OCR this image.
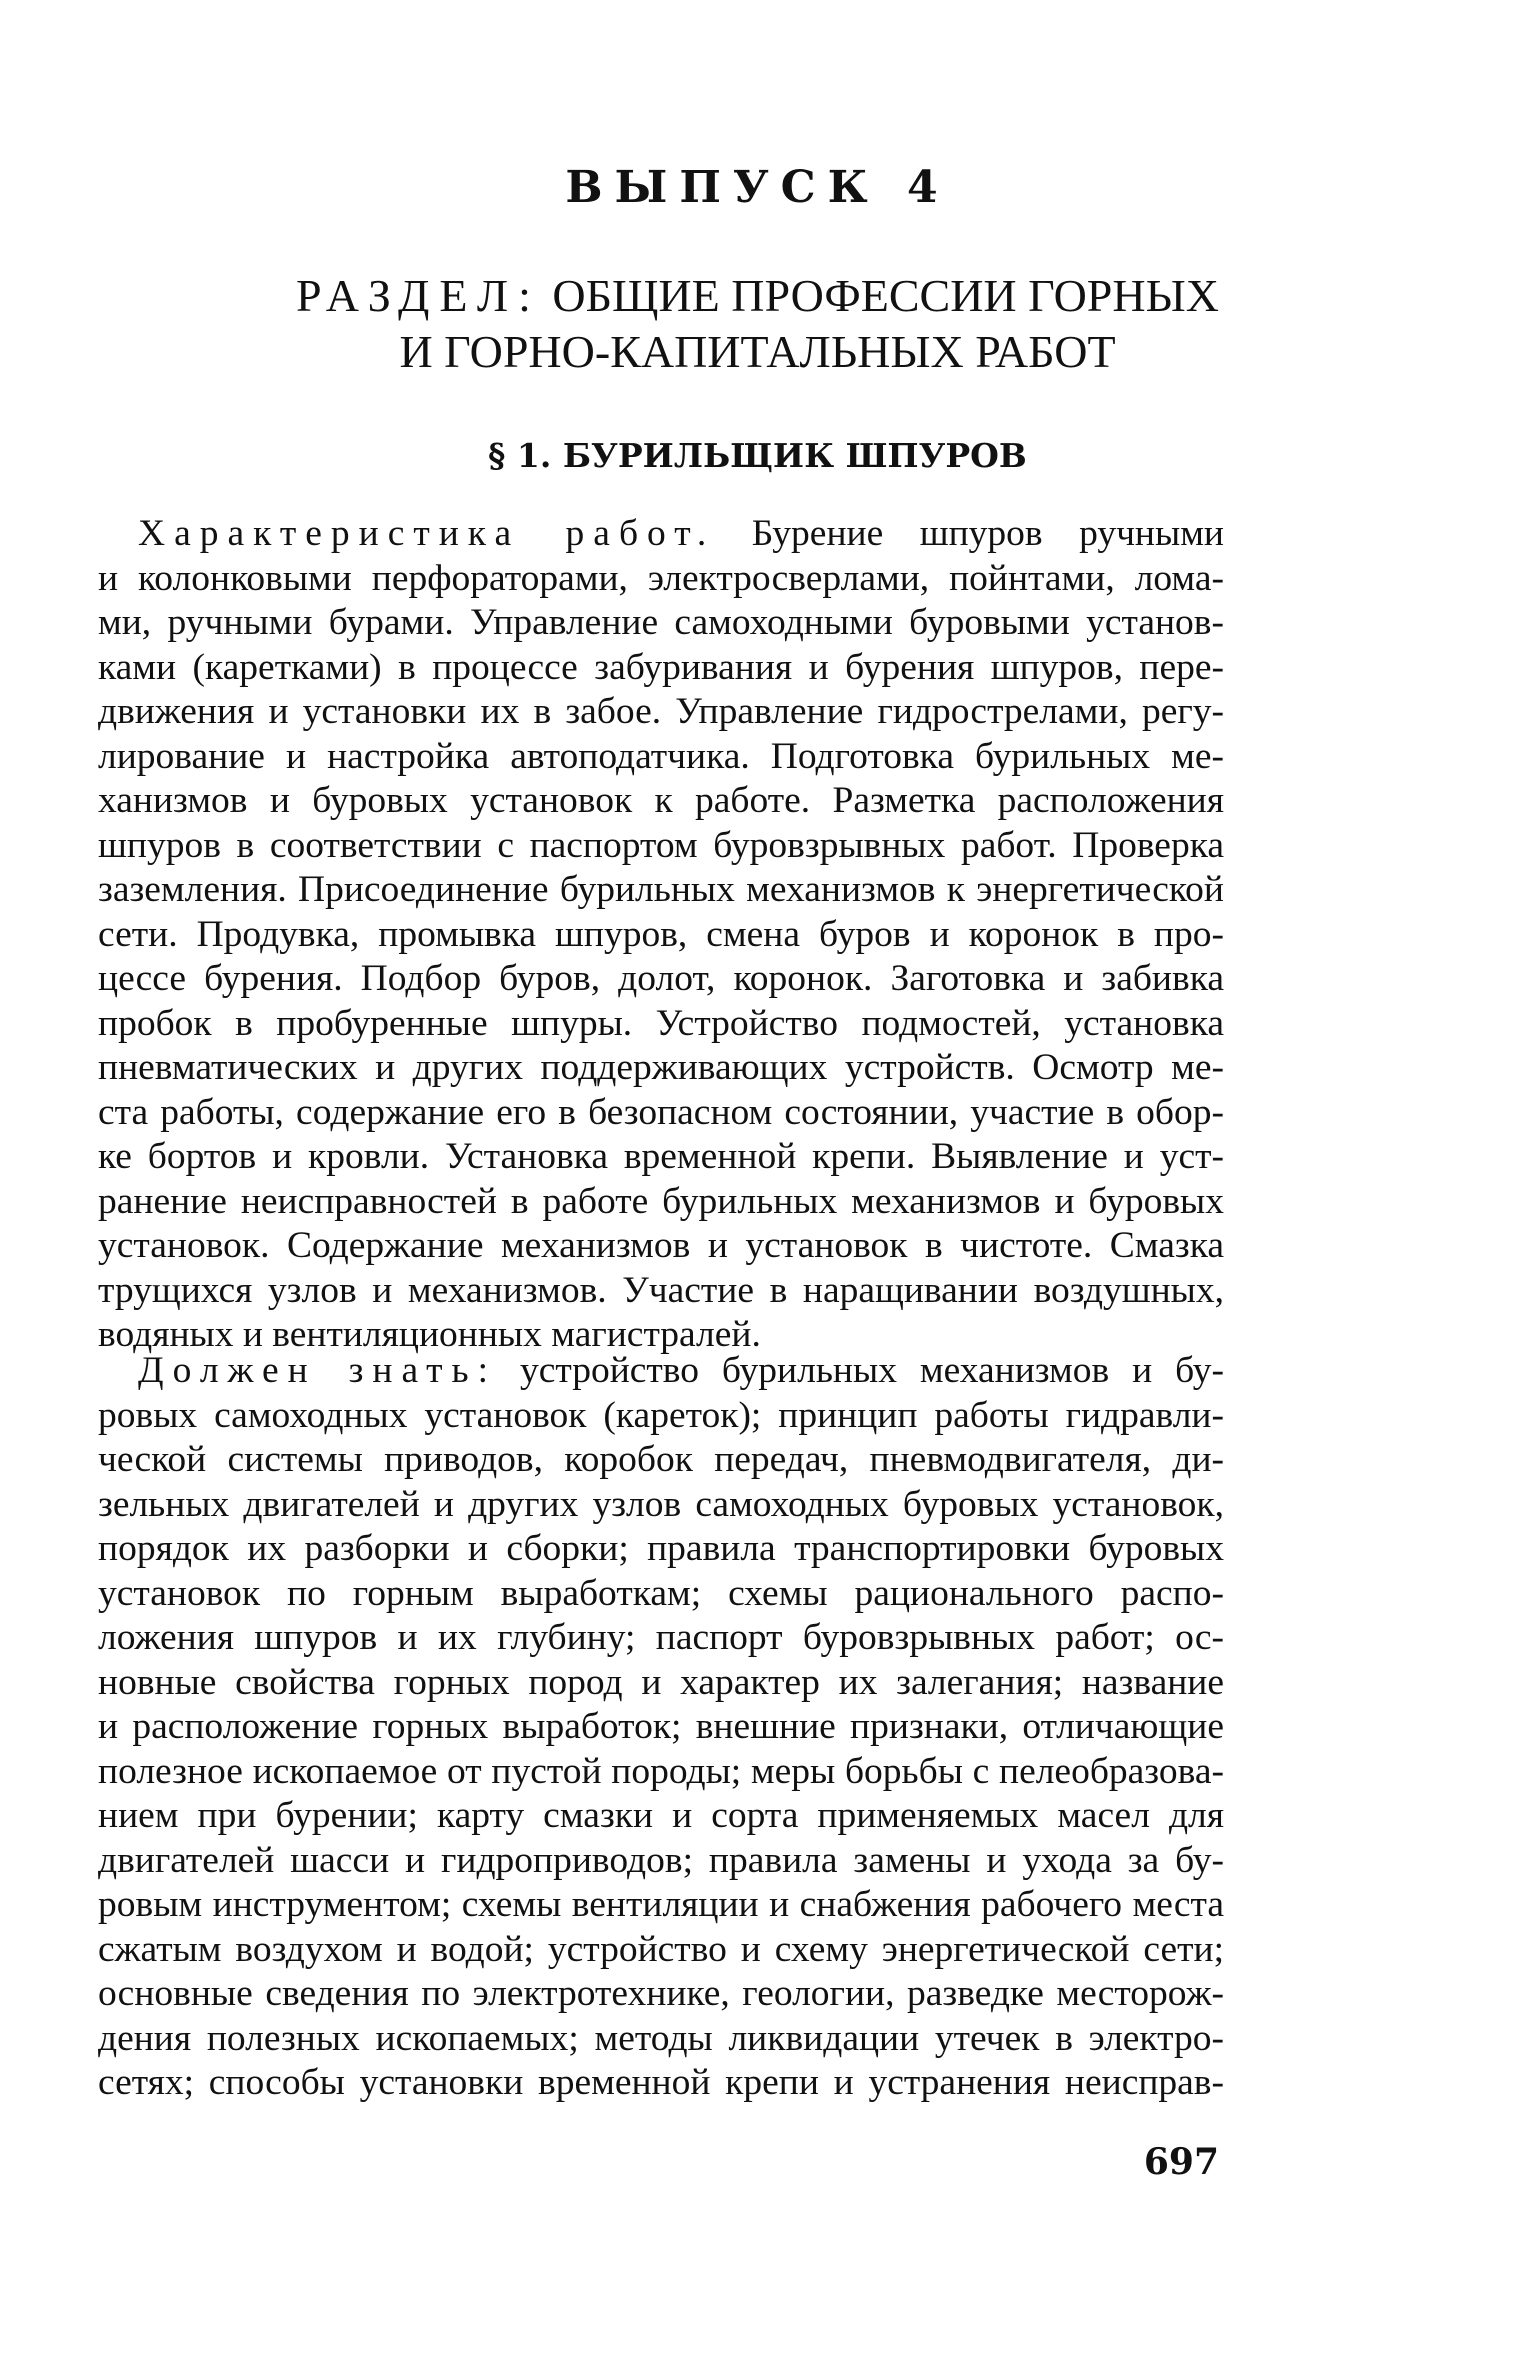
ВЫПУСК 4
РАЗДЕЛ: ОБЩИЕ ПРОФЕССИИ ГОРНЫХ
И ГОРНО-КАПИТАЛЬНЫХ РАБОТ
§ 1. БУРИЛЬЩИК ШПУРОВ
Характеристика работ. Бурение шпуров ручными
и колонковыми перфораторами, электросверлами, пойнтами, лома-
ми, ручными бурами. Управление самоходными буровыми установ-
ками (каретками) в процессе забуривания и бурения шпуров, пере-
движения и установки их в забое. Управление гидрострелами, регу-
лирование и настройка автоподатчика. Подготовка бурильных ме-
ханизмов и буровых установок к работе. Разметка расположения
шпуров в соответствии с паспортом буровзрывных работ. Проверка
заземления. Присоединение бурильных механизмов к энергетической
сети. Продувка, промывка шпуров, смена буров и коронок в про-
цессе бурения. Подбор буров, долот, коронок. Заготовка и забивка
пробок в пробуренные шпуры. Устройство подмостей, установка
пневматических и других поддерживающих устройств. Осмотр ме-
ста работы, содержание его в безопасном состоянии, участие в обор-
ке бортов и кровли. Установка временной крепи. Выявление и уст-
ранение неисправностей в работе бурильных механизмов и буровых
установок. Содержание механизмов и установок в чистоте. Смазка
трущихся узлов и механизмов. Участие в наращивании воздушных,
водяных и вентиляционных магистралей.
Должен знать: устройство бурильных механизмов и бу-
ровых самоходных установок (кареток); принцип работы гидравли-
ческой системы приводов, коробок передач, пневмодвигателя, ди-
зельных двигателей и других узлов самоходных буровых установок,
порядок их разборки и сборки; правила транспортировки буровых
установок по горным выработкам; схемы рационального распо-
ложения шпуров и их глубину; паспорт буровзрывных работ; ос-
новные свойства горных пород и характер их залегания; название
и расположение горных выработок; внешние признаки, отличающие
полезное ископаемое от пустой породы; меры борьбы с пелеобразова-
нием при бурении; карту смазки и сорта применяемых масел для
двигателей шасси и гидроприводов; правила замены и ухода за бу-
ровым инструментом; схемы вентиляции и снабжения рабочего места
сжатым воздухом и водой; устройство и схему энергетической сети;
основные сведения по электротехнике, геологии, разведке месторож-
дения полезных ископаемых; методы ликвидации утечек в электро-
сетях; способы установки временной крепи и устранения неисправ-
697
